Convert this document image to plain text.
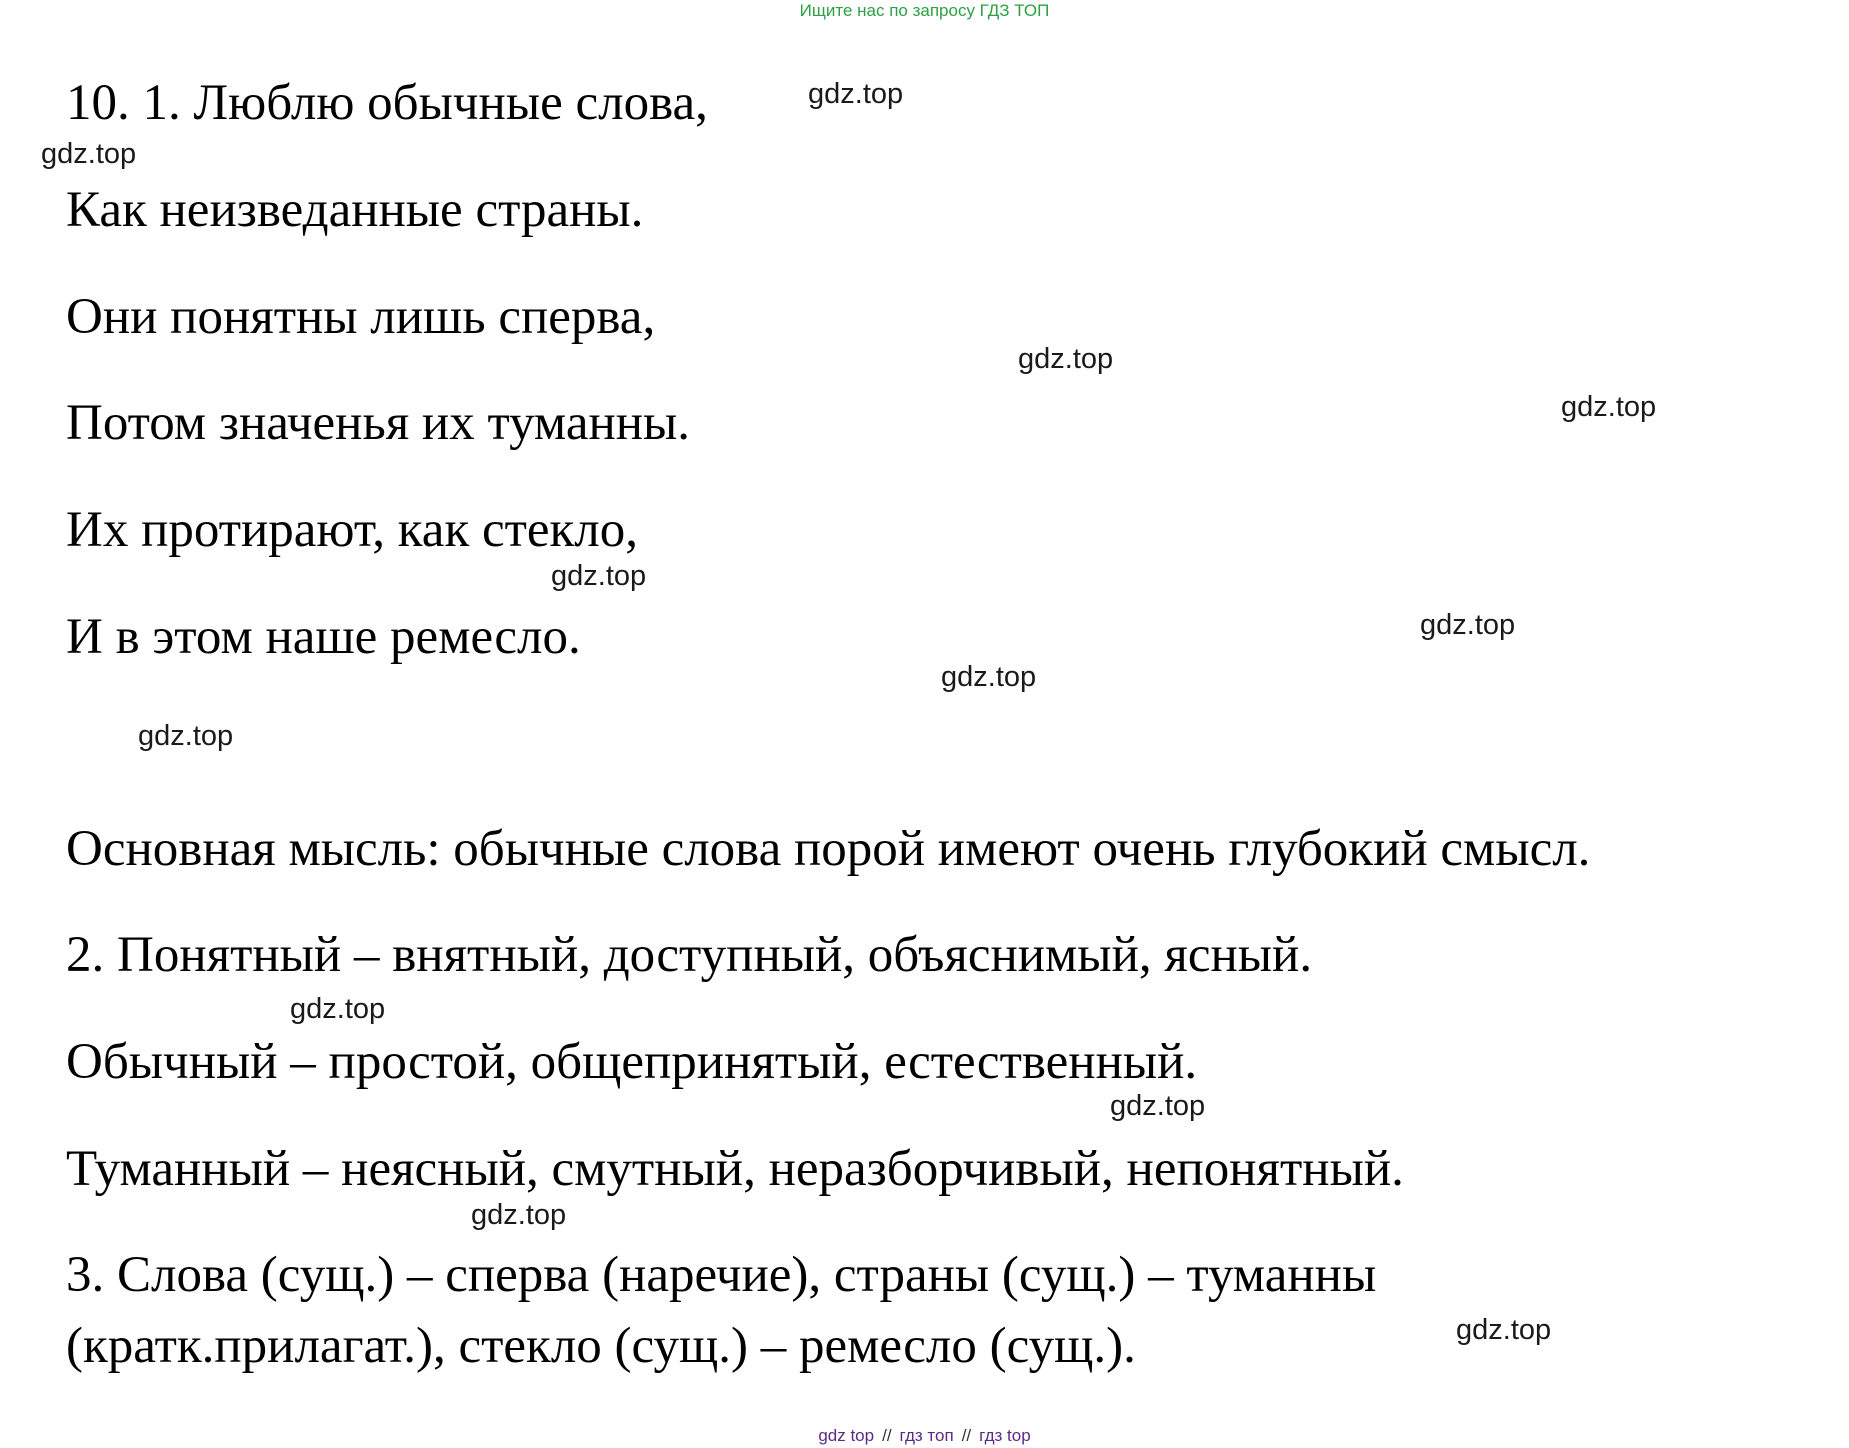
Ищите нас по запросу ГДЗ ТОП
10. 1. Люблю обычные слова,
Как неизведанные страны.
Они понятны лишь сперва,
Потом значенья их туманны.
Их протирают, как стекло,
И в этом наше ремесло.
Основная мысль: обычные слова порой имеют очень глубокий смысл.
2. Понятный – внятный, доступный, объяснимый, ясный.
Обычный – простой, общепринятый, естественный.
Туманный – неясный, смутный, неразборчивый, непонятный.
3. Слова (сущ.) – сперва (наречие), страны (сущ.) – туманны
(кратк.прилагат.), стекло (сущ.) – ремесло (сущ.).
gdz.top
gdz.top
gdz.top
gdz.top
gdz.top
gdz.top
gdz.top
gdz.top
gdz.top
gdz.top
gdz.top
gdz.top
gdz top // гдз топ // гдз top
